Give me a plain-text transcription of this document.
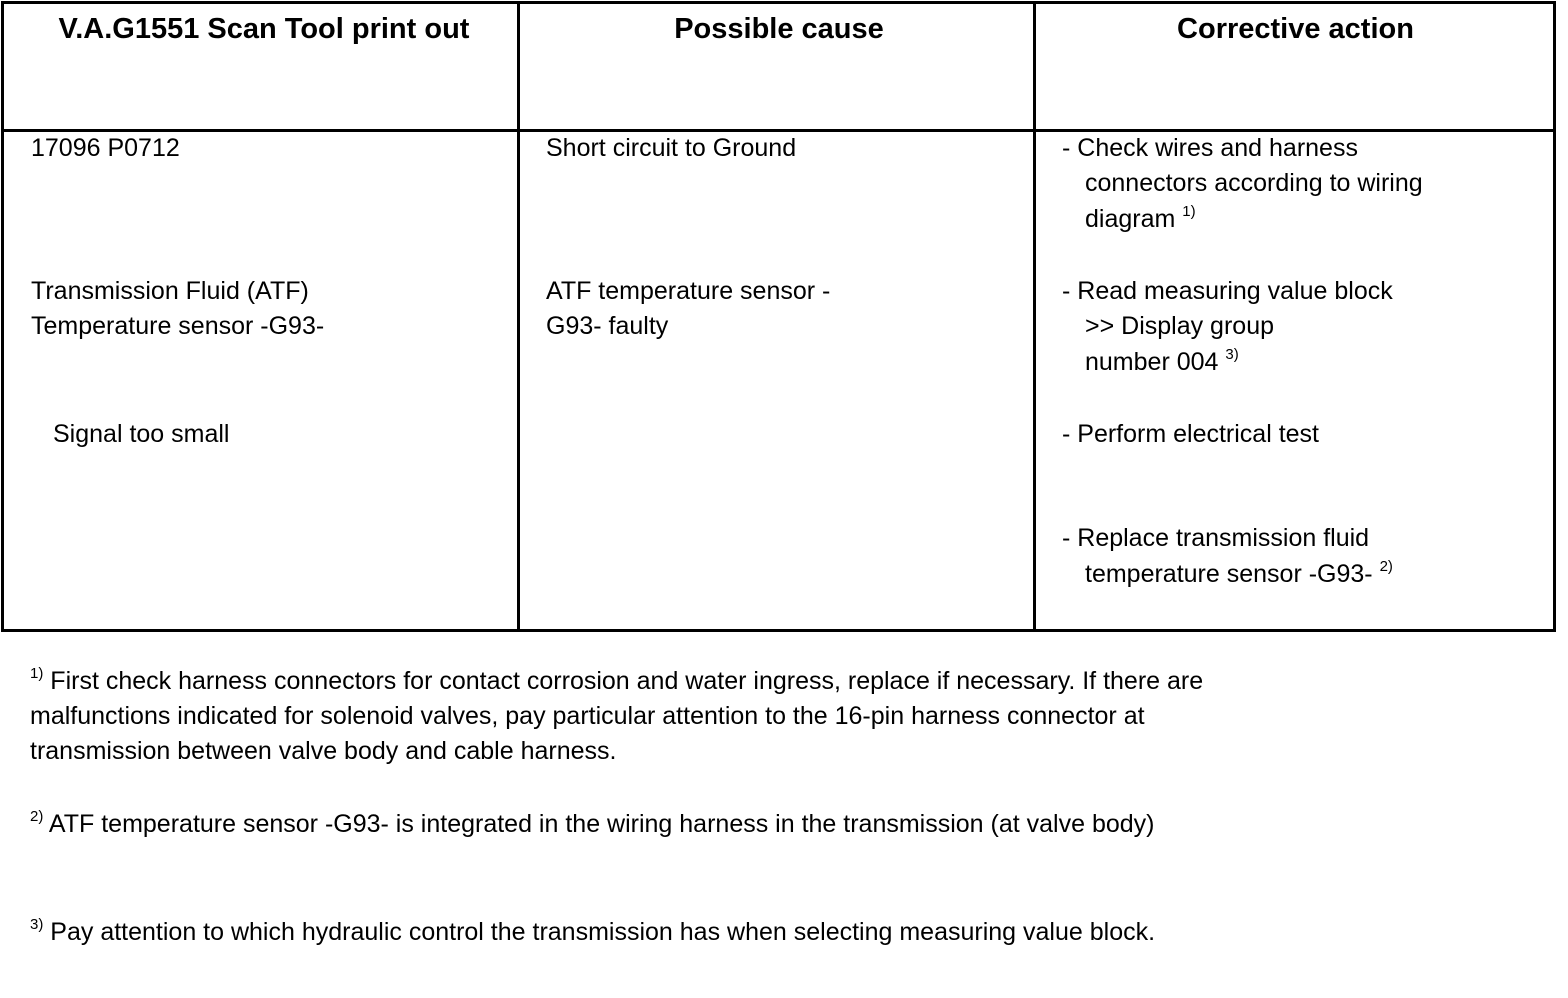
V.A.G1551 Scan Tool print out	Possible cause	Corrective action
17096 P0712
Transmission Fluid (ATF)
Temperature sensor -G93-
Signal too small
Short circuit to Ground
ATF temperature sensor -
G93- faulty
- Check wires and harness
connectors according to wiring
diagram $^{1)}$
- Read measuring value block
>> Display group
number 004 $^{3)}$
- Perform electrical test
- Replace transmission fluid
temperature sensor -G93- $^{2)}$
$^{1)}$ First check harness connectors for contact corrosion and water ingress, replace if necessary. If there are malfunctions indicated for solenoid valves, pay particular attention to the 16-pin harness connector at transmission between valve body and cable harness.
$^{2)}$ ATF temperature sensor -G93- is integrated in the wiring harness in the transmission (at valve body)
$^{3)}$ Pay attention to which hydraulic control the transmission has when selecting measuring value block.
